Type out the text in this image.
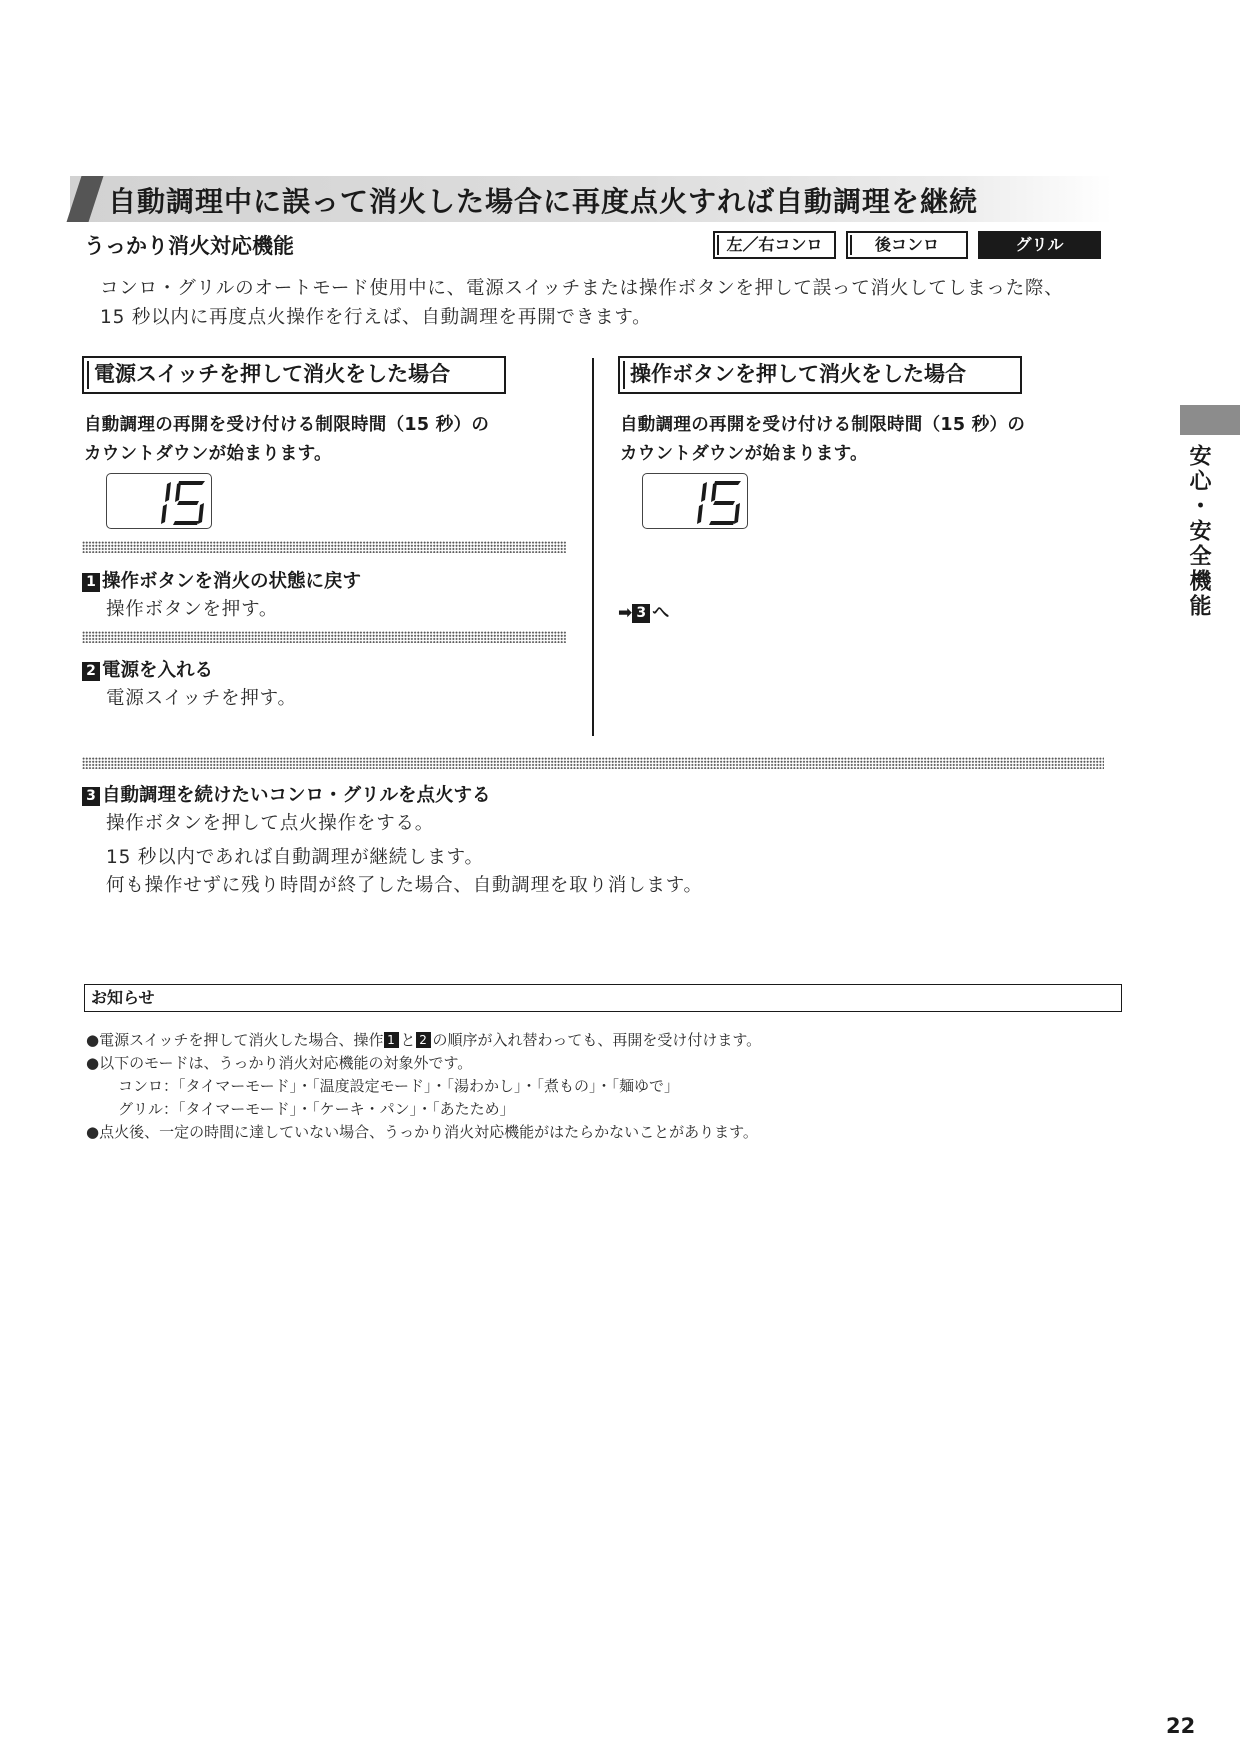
自動調理中に誤って消火した場合に再度点火すれば自動調理を継続
うっかり消火対応機能	左／右コンロ	後コンロ	グリル
コンロ・グリルのオートモード使用中に、電源スイッチまたは操作ボタンを押して誤って消火してしまった際、
15 秒以内に再度点火操作を行えば、自動調理を再開できます。
電源スイッチを押して消火をした場合
自動調理の再開を受け付ける制限時間（15 秒）の
カウントダウンが始まります。
1 操作ボタンを消火の状態に戻す
操作ボタンを押す。
2 電源を入れる
電源スイッチを押す。
操作ボタンを押して消火をした場合
自動調理の再開を受け付ける制限時間（15 秒）の
カウントダウンが始まります。
➡ 3 へ
3 自動調理を続けたいコンロ・グリルを点火する
操作ボタンを押して点火操作をする。
15 秒以内であれば自動調理が継続します。
何も操作せずに残り時間が終了した場合、自動調理を取り消します。
お知らせ
●電源スイッチを押して消火した場合、操作 1 と 2 の順序が入れ替わっても、再開を受け付けます。
●以下のモードは、うっかり消火対応機能の対象外です。
コンロ：「タイマーモード」・「温度設定モード」・「湯わかし」・「煮もの」・「麺ゆで」
グリル：「タイマーモード」・「ケーキ・パン」・「あたため」
●点火後、一定の時間に達していない場合、うっかり消火対応機能がはたらかないことがあります。
安心・安全機能
22
